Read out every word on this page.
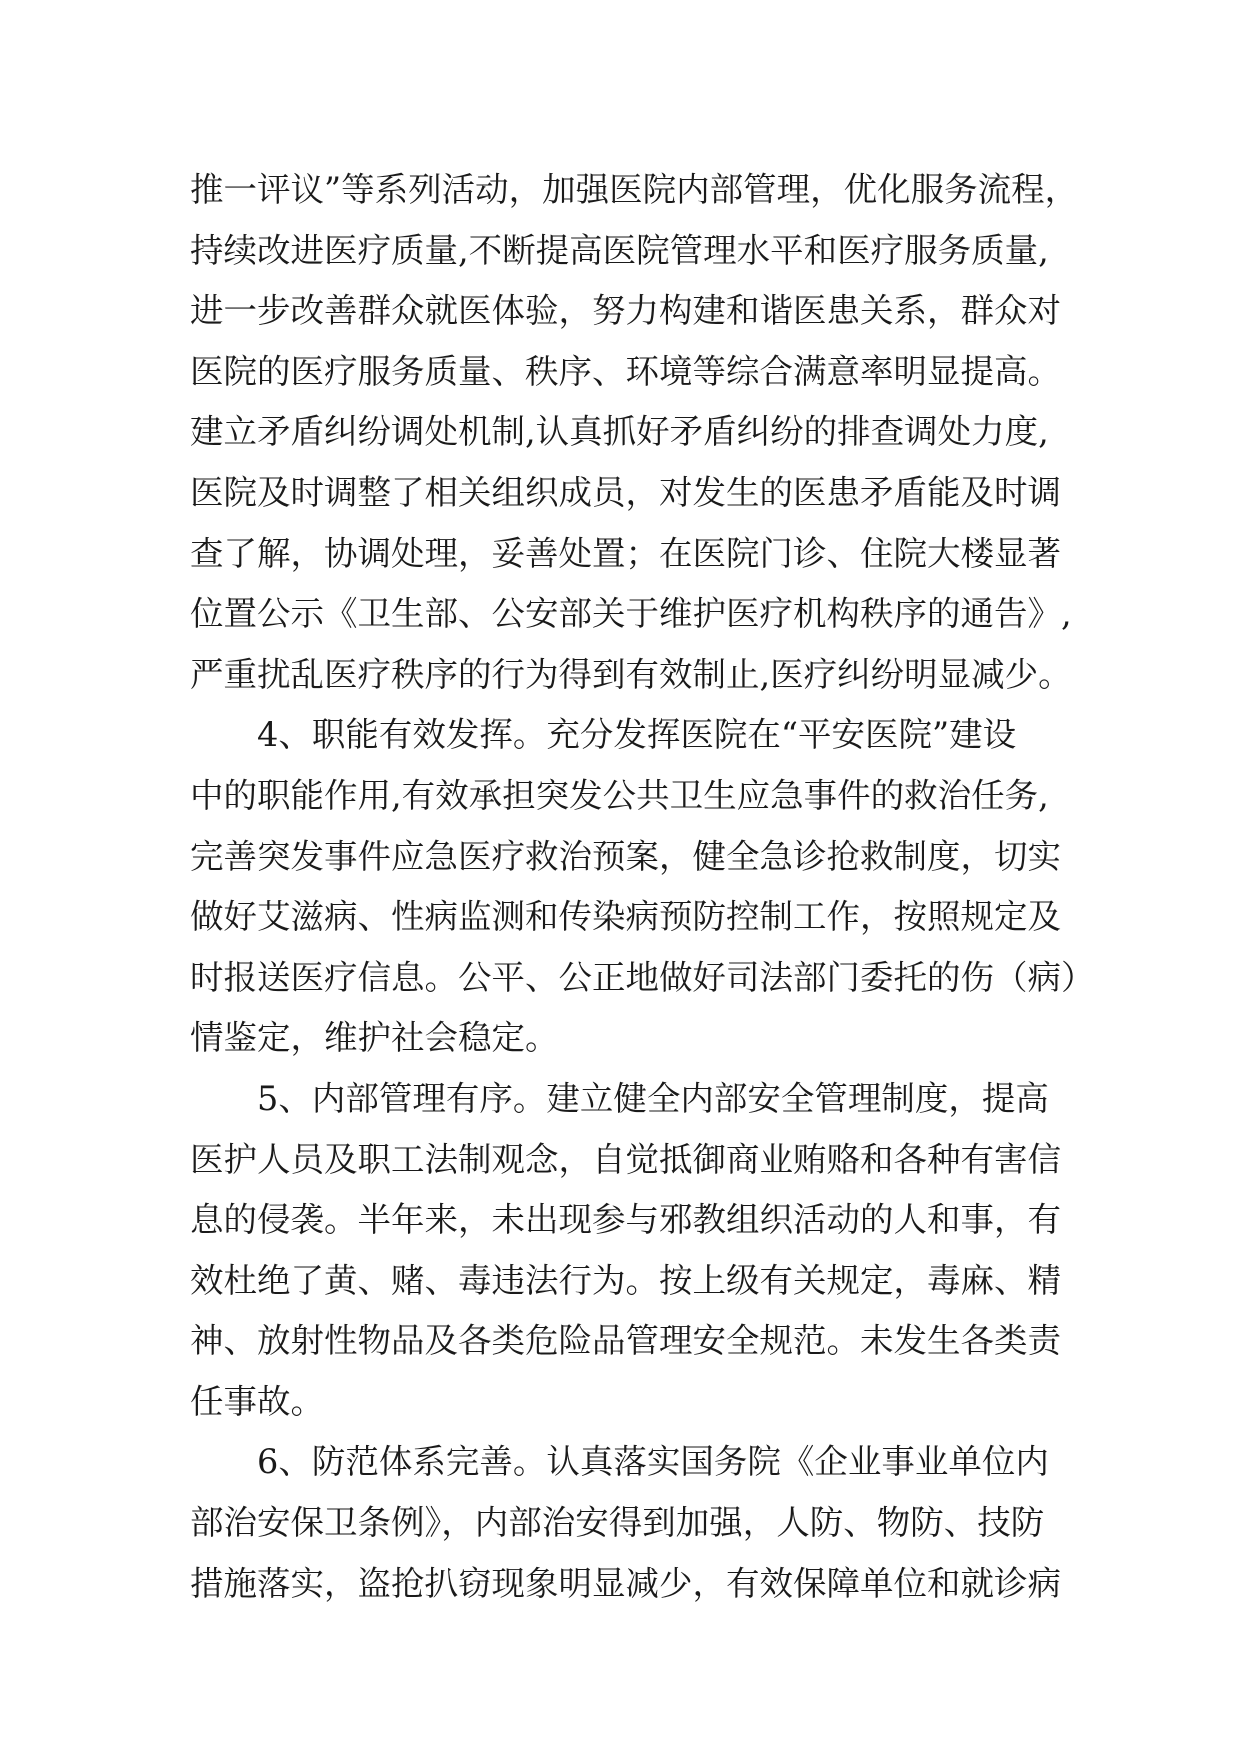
推一评议”等系列活动，加强医院内部管理，优化服务流程，
持续改进医疗质量,不断提高医院管理水平和医疗服务质量,
进一步改善群众就医体验，努力构建和谐医患关系，群众对
医院的医疗服务质量、秩序、环境等综合满意率明显提高。
建立矛盾纠纷调处机制,认真抓好矛盾纠纷的排查调处力度,
医院及时调整了相关组织成员，对发生的医患矛盾能及时调
查了解，协调处理，妥善处置；在医院门诊、住院大楼显著
位置公示《卫生部、公安部关于维护医疗机构秩序的通告》,
严重扰乱医疗秩序的行为得到有效制止,医疗纠纷明显减少。
4、职能有效发挥。充分发挥医院在“平安医院”建设
中的职能作用,有效承担突发公共卫生应急事件的救治任务,
完善突发事件应急医疗救治预案，健全急诊抢救制度，切实
做好艾滋病、性病监测和传染病预防控制工作，按照规定及
时报送医疗信息。公平、公正地做好司法部门委托的伤（病）
情鉴定，维护社会稳定。
5、内部管理有序。建立健全内部安全管理制度，提高
医护人员及职工法制观念，自觉抵御商业贿赂和各种有害信
息的侵袭。半年来，未出现参与邪教组织活动的人和事，有
效杜绝了黄、赌、毒违法行为。按上级有关规定，毒麻、精
神、放射性物品及各类危险品管理安全规范。未发生各类责
任事故。
6、防范体系完善。认真落实国务院《企业事业单位内
部治安保卫条例》，内部治安得到加强，人防、物防、技防
措施落实，盗抢扒窃现象明显减少，有效保障单位和就诊病
